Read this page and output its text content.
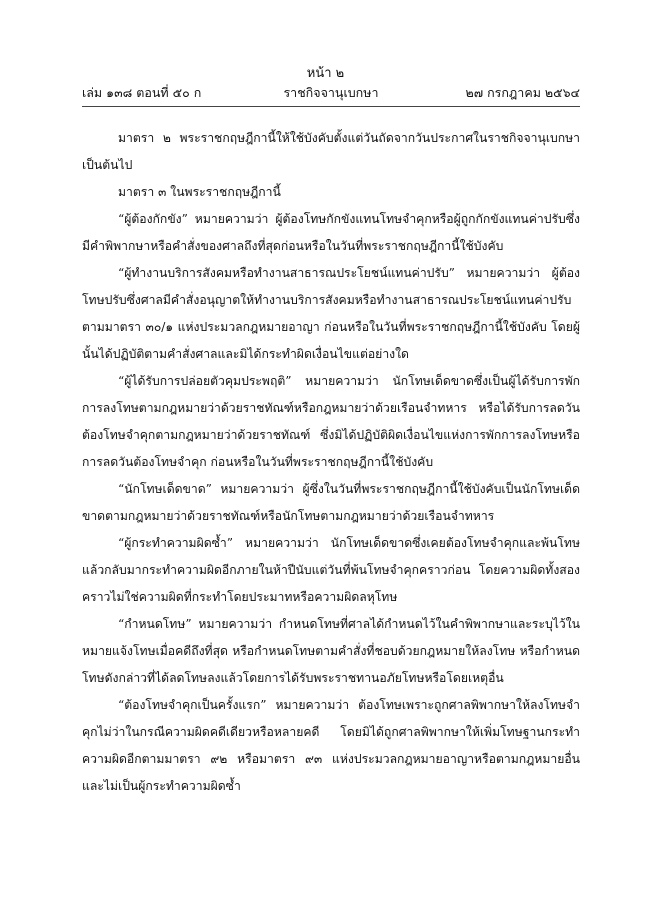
หน้า ๒
เล่ม ๑๓๘ ตอนที่ ๕๐ ก	ราชกิจจานุเบกษา	๒๗ กรกฎาคม ๒๕๖๔

มาตรา ๒ พระราชกฤษฎีกานี้ให้ใช้บังคับตั้งแต่วันถัดจากวันประกาศในราชกิจจานุเบกษาเป็นต้นไป

มาตรา ๓ ในพระราชกฤษฎีกานี้

“ผู้ต้องกักขัง” หมายความว่า ผู้ต้องโทษกักขังแทนโทษจำคุกหรือผู้ถูกกักขังแทนค่าปรับซึ่งมีคำพิพากษาหรือคำสั่งของศาลถึงที่สุดก่อนหรือในวันที่พระราชกฤษฎีกานี้ใช้บังคับ

“ผู้ทำงานบริการสังคมหรือทำงานสาธารณประโยชน์แทนค่าปรับ” หมายความว่า ผู้ต้องโทษปรับซึ่งศาลมีคำสั่งอนุญาตให้ทำงานบริการสังคมหรือทำงานสาธารณประโยชน์แทนค่าปรับตามมาตรา ๓๐/๑ แห่งประมวลกฎหมายอาญา ก่อนหรือในวันที่พระราชกฤษฎีกานี้ใช้บังคับ โดยผู้นั้นได้ปฏิบัติตามคำสั่งศาลและมิได้กระทำผิดเงื่อนไขแต่อย่างใด

“ผู้ได้รับการปล่อยตัวคุมประพฤติ” หมายความว่า นักโทษเด็ดขาดซึ่งเป็นผู้ได้รับการพักการลงโทษตามกฎหมายว่าด้วยราชทัณฑ์หรือกฎหมายว่าด้วยเรือนจำทหาร หรือได้รับการลดวันต้องโทษจำคุกตามกฎหมายว่าด้วยราชทัณฑ์ ซึ่งมิได้ปฏิบัติผิดเงื่อนไขแห่งการพักการลงโทษหรือการลดวันต้องโทษจำคุก ก่อนหรือในวันที่พระราชกฤษฎีกานี้ใช้บังคับ

“นักโทษเด็ดขาด” หมายความว่า ผู้ซึ่งในวันที่พระราชกฤษฎีกานี้ใช้บังคับเป็นนักโทษเด็ดขาดตามกฎหมายว่าด้วยราชทัณฑ์หรือนักโทษตามกฎหมายว่าด้วยเรือนจำทหาร

“ผู้กระทำความผิดซ้ำ” หมายความว่า นักโทษเด็ดขาดซึ่งเคยต้องโทษจำคุกและพ้นโทษแล้วกลับมากระทำความผิดอีกภายในห้าปีนับแต่วันที่พ้นโทษจำคุกคราวก่อน โดยความผิดทั้งสองคราวไม่ใช่ความผิดที่กระทำโดยประมาทหรือความผิดลหุโทษ

“กำหนดโทษ” หมายความว่า กำหนดโทษที่ศาลได้กำหนดไว้ในคำพิพากษาและระบุไว้ในหมายแจ้งโทษเมื่อคดีถึงที่สุด หรือกำหนดโทษตามคำสั่งที่ชอบด้วยกฎหมายให้ลงโทษ หรือกำหนดโทษดังกล่าวที่ได้ลดโทษลงแล้วโดยการได้รับพระราชทานอภัยโทษหรือโดยเหตุอื่น

“ต้องโทษจำคุกเป็นครั้งแรก” หมายความว่า ต้องโทษเพราะถูกศาลพิพากษาให้ลงโทษจำคุกไม่ว่าในกรณีความผิดคดีเดียวหรือหลายคดี โดยมิได้ถูกศาลพิพากษาให้เพิ่มโทษฐานกระทำความผิดอีกตามมาตรา ๙๒ หรือมาตรา ๙๓ แห่งประมวลกฎหมายอาญาหรือตามกฎหมายอื่น และไม่เป็นผู้กระทำความผิดซ้ำ
